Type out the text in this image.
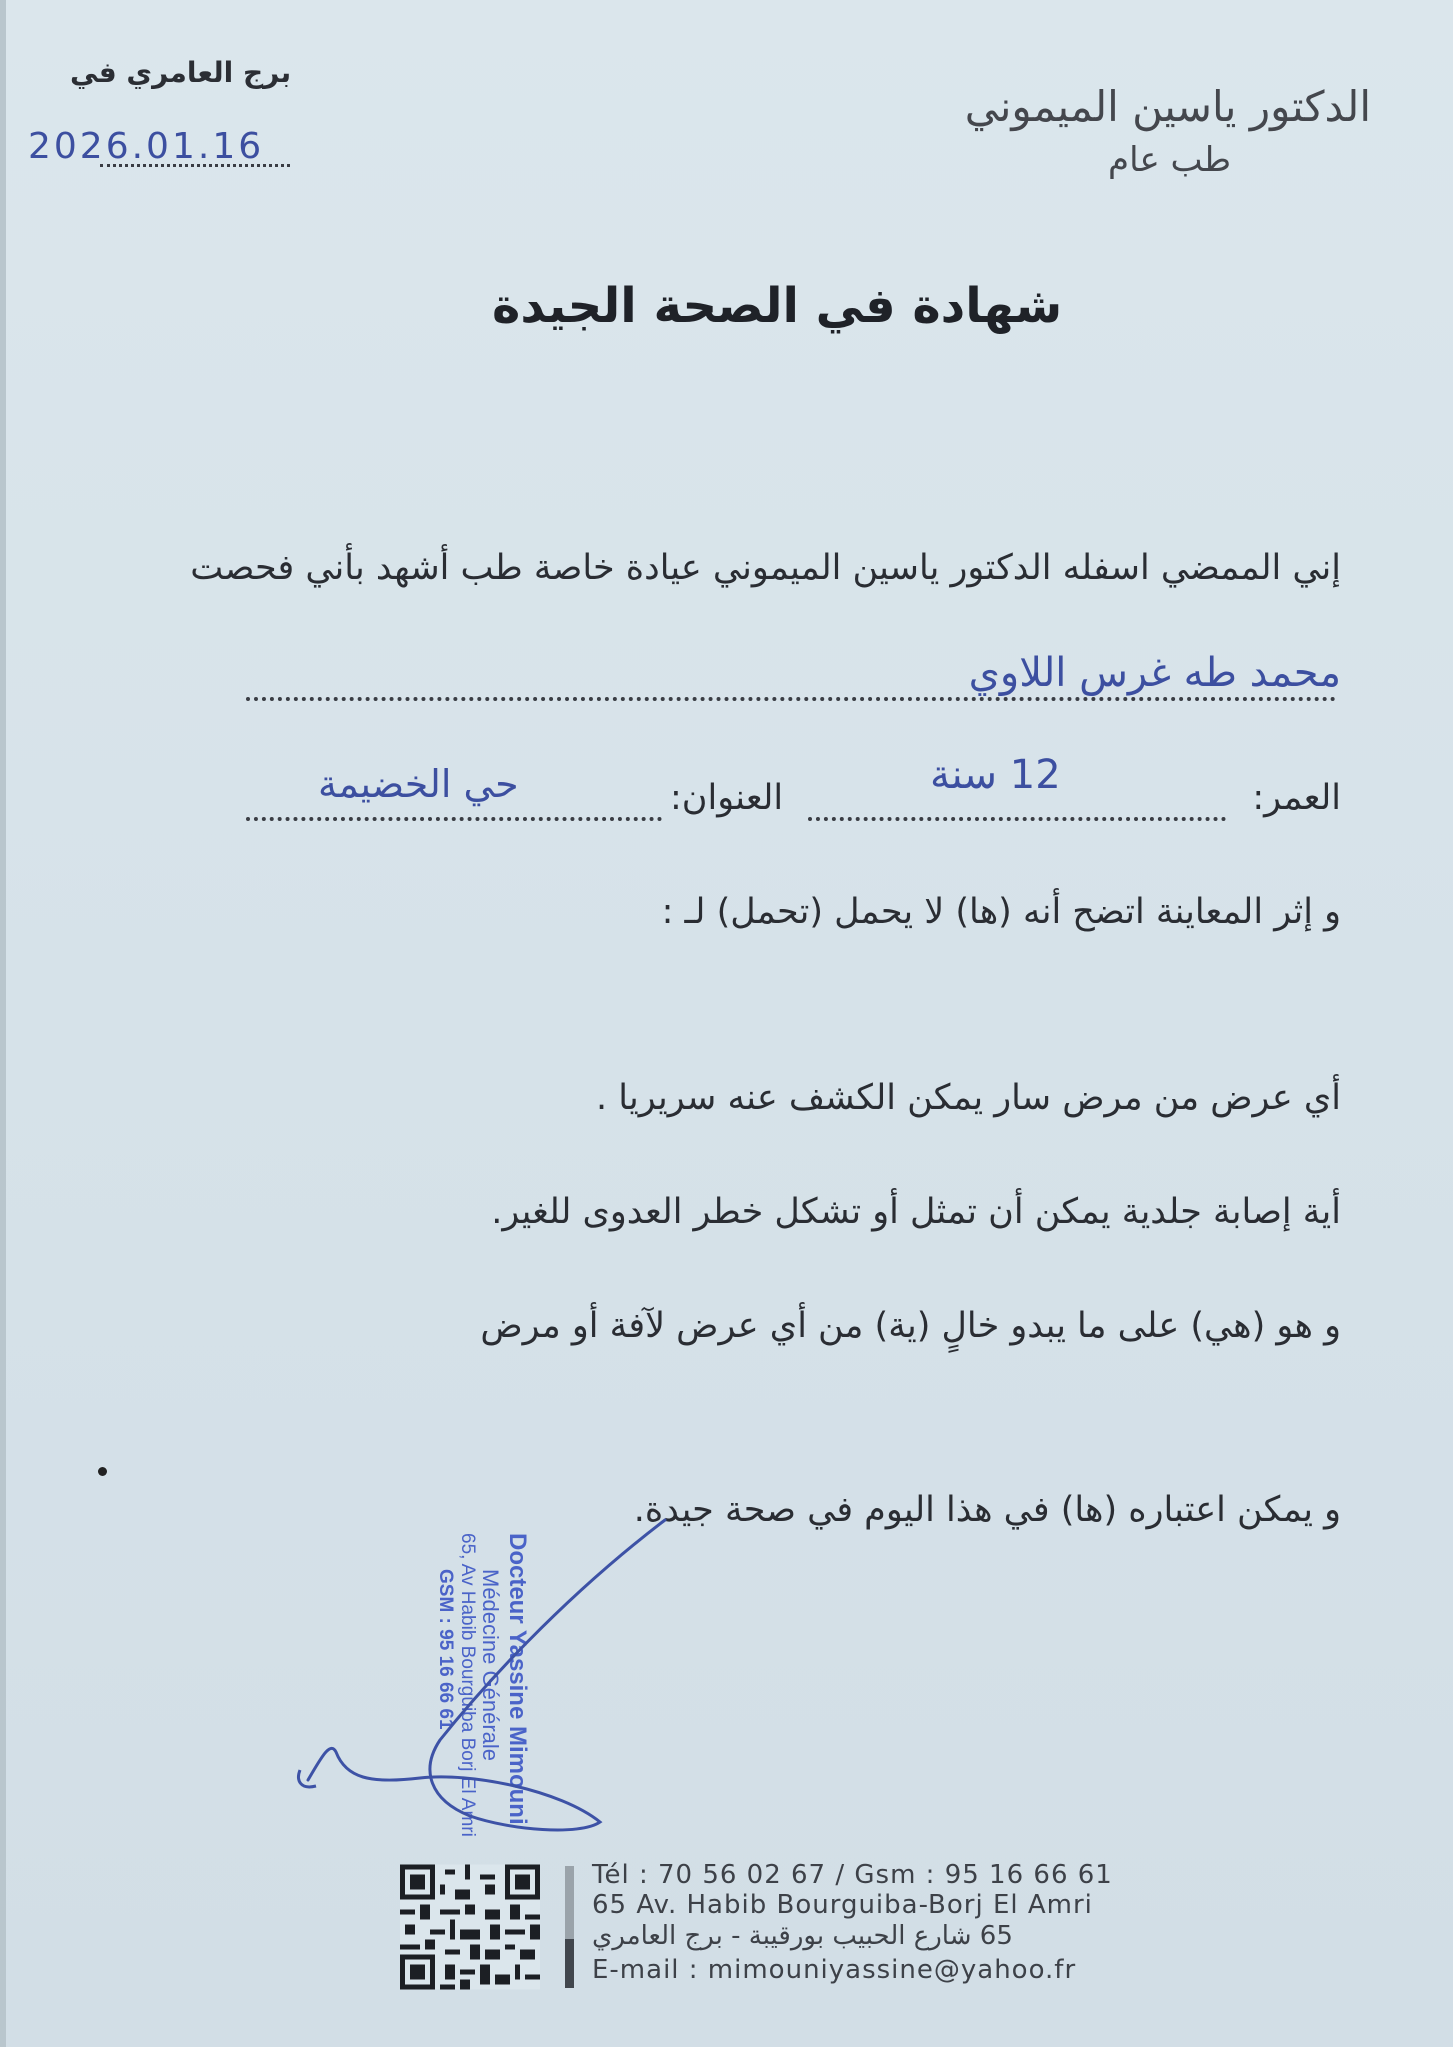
الدكتور ياسين الميموني
طب عام
برج العامري في
2026.01.16
شهادة في الصحة الجيدة
إني الممضي اسفله الدكتور ياسين الميموني عيادة خاصة طب أشهد بأني فحصت
محمد طه غرس اللاوي
العمر:
12 سنة
العنوان:
حي الخضيمة
و إثر المعاينة اتضح أنه (ها) لا يحمل (تحمل) لـ :
أي عرض من مرض سار يمكن الكشف عنه سريريا .
أية إصابة جلدية يمكن أن تمثل أو تشكل خطر العدوى للغير.
و هو (هي) على ما يبدو خالٍ (ية) من أي عرض لآفة أو مرض
و يمكن اعتباره (ها) في هذا اليوم في صحة جيدة.
Docteur Yassine Mimouni
Médecine Générale
65, Av Habib Bourguiba Borj El Amri
GSM : 95 16 66 61
Tél : 70 56 02 67 / Gsm : 95 16 66 61
65 Av. Habib Bourguiba-Borj El Amri
65 شارع الحبيب بورقيبة - برج العامري
E-mail : mimouniyassine@yahoo.fr
